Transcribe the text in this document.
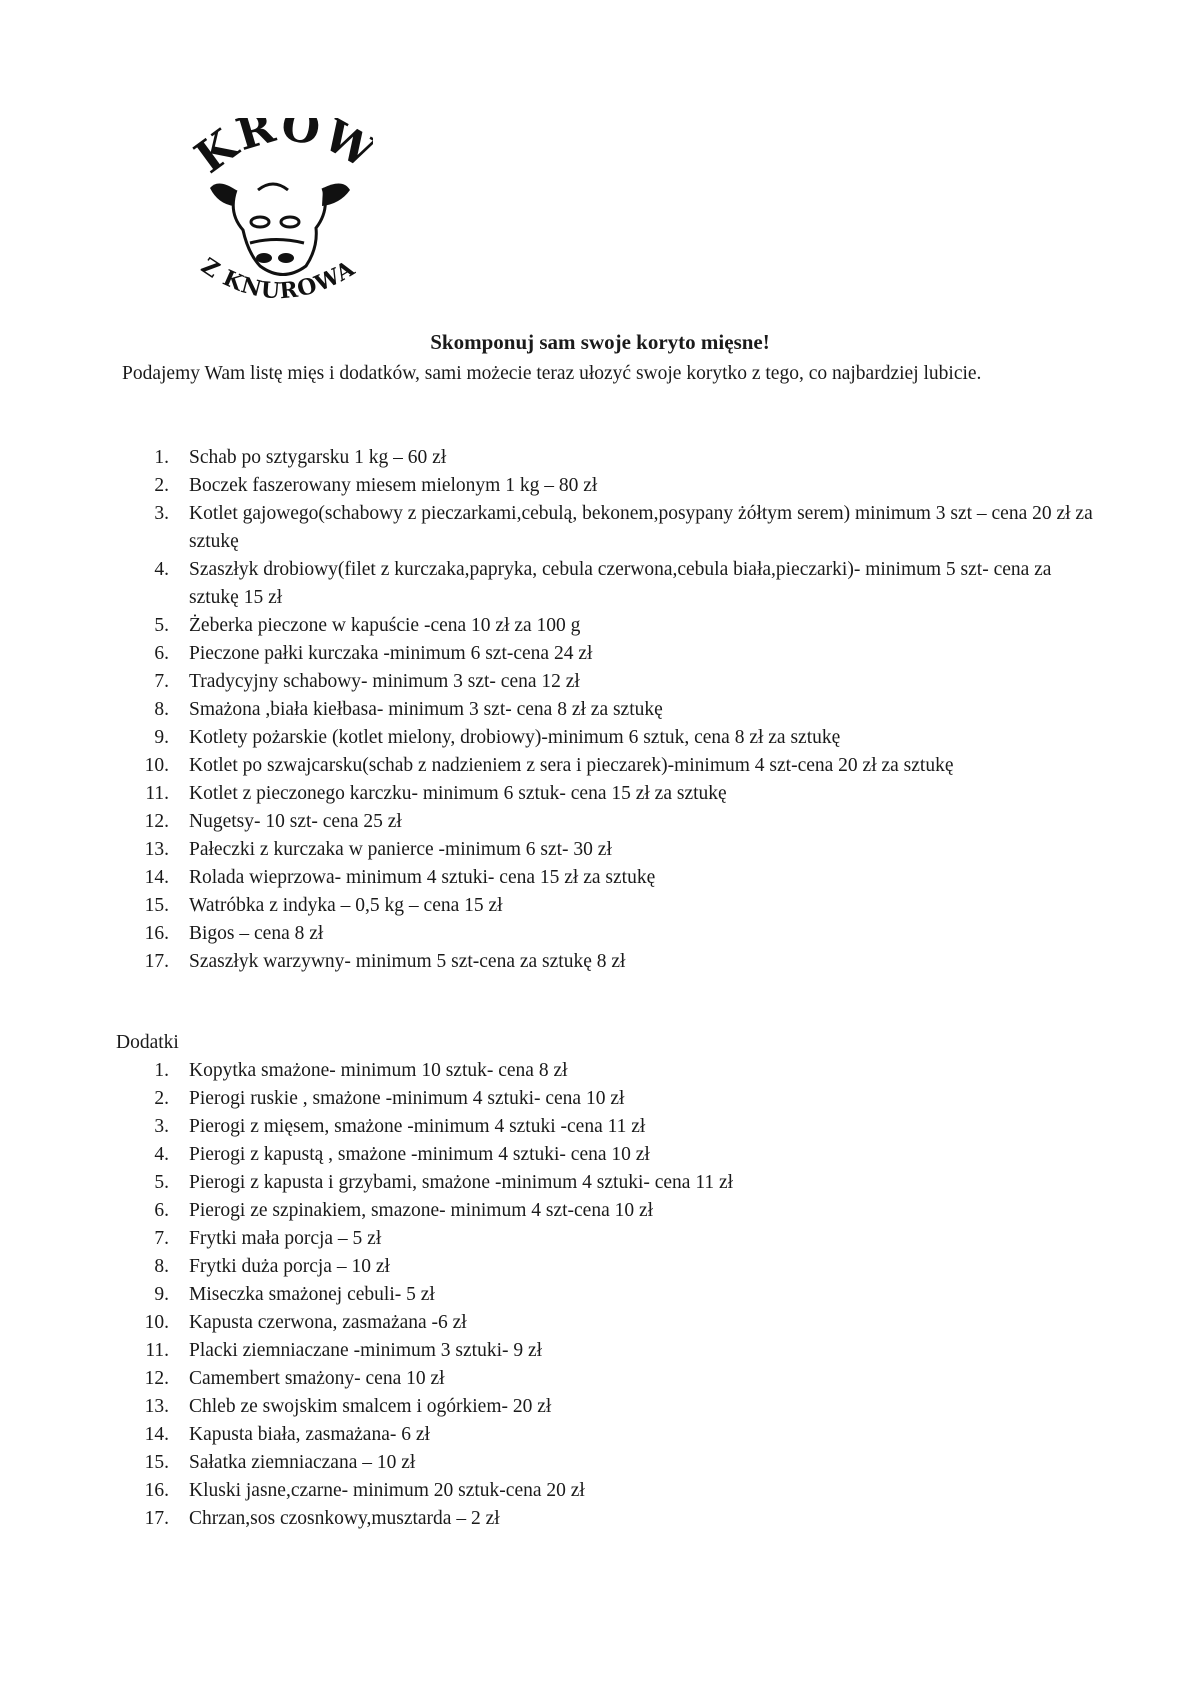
KRO
Z KNUROWA
Skomponuj sam swoje koryto mięsne!
Podajemy Wam listę mięs i dodatków, sami możecie teraz ułozyć swoje korytko z tego, co najbardziej lubicie.
1. Schab po sztygarsku 1 kg – 60 zł
2. Boczek faszerowany miesem mielonym 1 kg – 80 zł
3. Kotlet gajowego(schabowy z pieczarkami,cebulą, bekonem,posypany żółtym serem) minimum 3 szt – cena 20 zł za sztukę
4. Szaszłyk drobiowy(filet z kurczaka,papryka, cebula czerwona,cebula biała,pieczarki)- minimum 5 szt- cena za sztukę 15 zł
5. Żeberka pieczone w kapuście -cena 10 zł za 100 g
6. Pieczone pałki kurczaka -minimum 6 szt-cena 24 zł
7. Tradycyjny schabowy- minimum 3 szt- cena 12 zł
8. Smażona ,biała kiełbasa- minimum 3 szt- cena 8 zł za sztukę
9. Kotlety pożarskie (kotlet mielony, drobiowy)-minimum 6 sztuk, cena 8 zł za sztukę
10. Kotlet po szwajcarsku(schab z nadzieniem z sera i pieczarek)-minimum 4 szt-cena 20 zł za sztukę
11. Kotlet z pieczonego karczku- minimum 6 sztuk- cena 15 zł za sztukę
12. Nugetsy- 10 szt- cena 25 zł
13. Pałeczki z kurczaka w panierce -minimum 6 szt- 30 zł
14. Rolada wieprzowa- minimum 4 sztuki- cena 15 zł za sztukę
15. Watróbka z indyka – 0,5 kg – cena 15 zł
16. Bigos – cena 8 zł
17. Szaszłyk warzywny- minimum 5 szt-cena za sztukę 8 zł
Dodatki
1. Kopytka smażone- minimum 10 sztuk- cena 8 zł
2. Pierogi ruskie , smażone -minimum 4 sztuki- cena 10 zł
3. Pierogi z mięsem, smażone -minimum 4 sztuki -cena 11 zł
4. Pierogi z kapustą , smażone -minimum 4 sztuki- cena 10 zł
5. Pierogi z kapusta i grzybami, smażone -minimum 4 sztuki- cena 11 zł
6. Pierogi ze szpinakiem, smazone- minimum 4 szt-cena 10 zł
7. Frytki mała porcja – 5 zł
8. Frytki duża porcja – 10 zł
9. Miseczka smażonej cebuli- 5 zł
10. Kapusta czerwona, zasmażana -6 zł
11. Placki ziemniaczane -minimum 3 sztuki- 9 zł
12. Camembert smażony- cena 10 zł
13. Chleb ze swojskim smalcem i ogórkiem- 20 zł
14. Kapusta biała, zasmażana- 6 zł
15. Sałatka ziemniaczana – 10 zł
16. Kluski jasne,czarne- minimum 20 sztuk-cena 20 zł
17. Chrzan,sos czosnkowy,musztarda – 2 zł
